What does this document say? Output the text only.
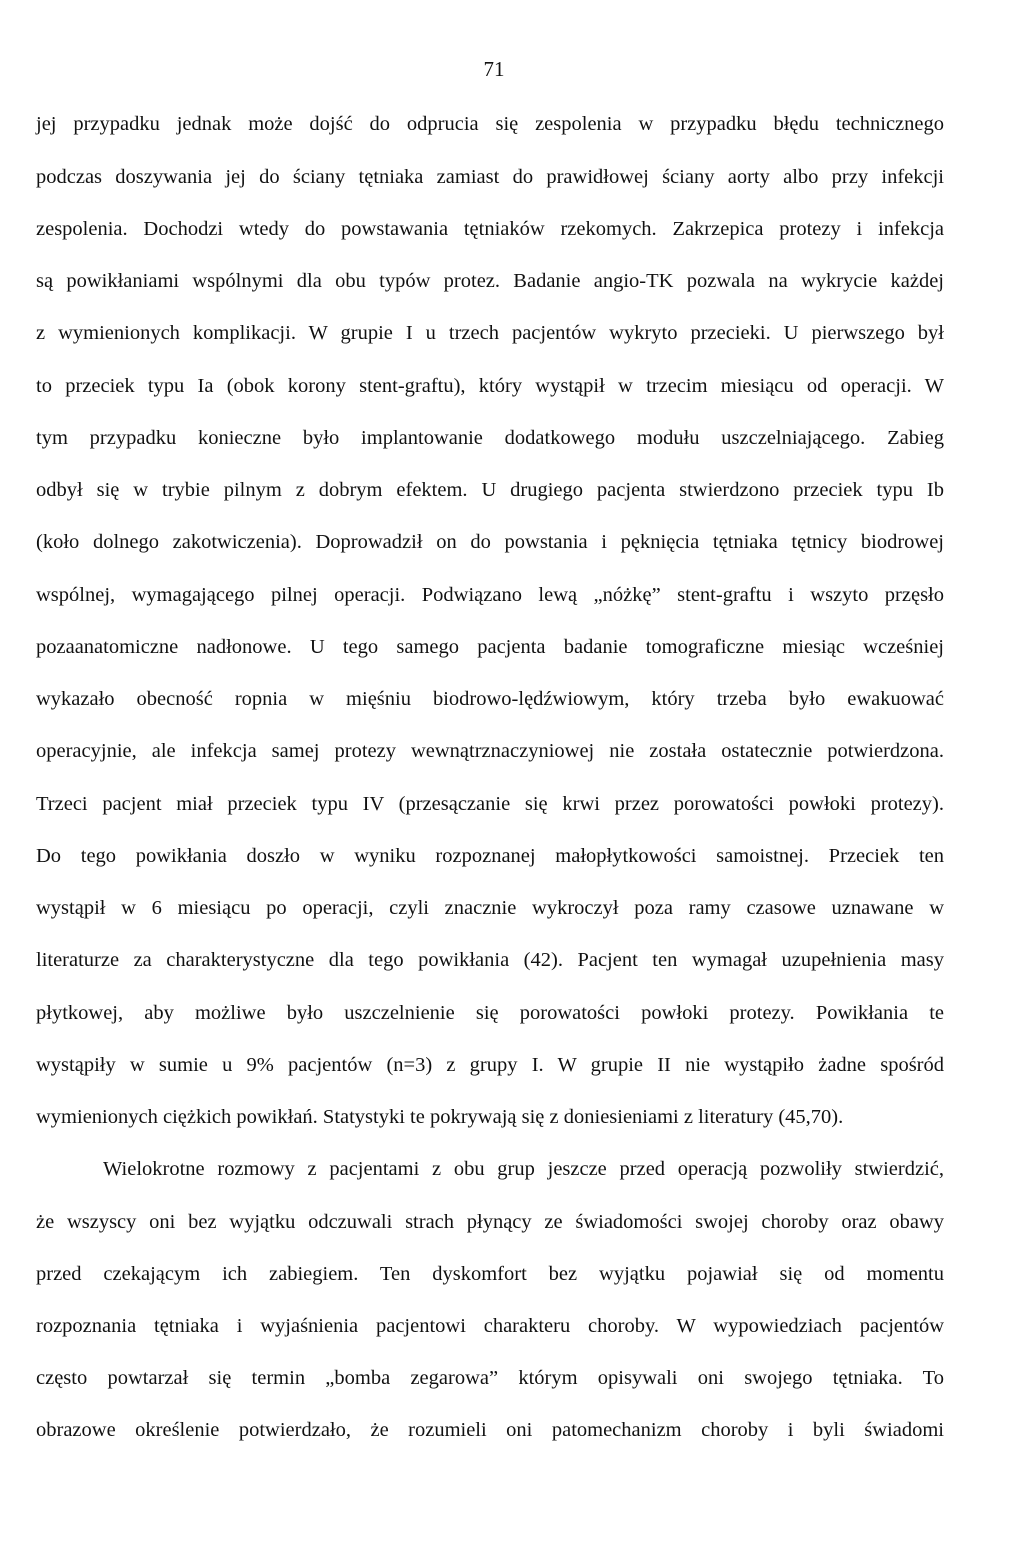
71
jej przypadku jednak może dojść do odprucia się zespolenia w przypadku błędu technicznego
podczas doszywania jej do ściany tętniaka zamiast do prawidłowej ściany aorty albo przy infekcji
zespolenia. Dochodzi wtedy do powstawania tętniaków rzekomych. Zakrzepica protezy i infekcja
są powikłaniami wspólnymi dla obu typów protez. Badanie angio-TK pozwala na wykrycie każdej
z wymienionych komplikacji. W grupie I u trzech pacjentów wykryto przecieki. U pierwszego był
to przeciek typu Ia (obok korony stent-graftu), który wystąpił w trzecim miesiącu od operacji. W
tym przypadku konieczne było implantowanie dodatkowego modułu uszczelniającego. Zabieg
odbył się w trybie pilnym z dobrym efektem. U drugiego pacjenta stwierdzono przeciek typu Ib
(koło dolnego zakotwiczenia). Doprowadził on do powstania i pęknięcia tętniaka tętnicy biodrowej
wspólnej, wymagającego pilnej operacji. Podwiązano lewą „nóżkę” stent-graftu i wszyto przęsło
pozaanatomiczne nadłonowe. U tego samego pacjenta badanie tomograficzne miesiąc wcześniej
wykazało obecność ropnia w mięśniu biodrowo-lędźwiowym, który trzeba było ewakuować
operacyjnie, ale infekcja samej protezy wewnątrznaczyniowej nie została ostatecznie potwierdzona.
Trzeci pacjent miał przeciek typu IV (przesączanie się krwi przez porowatości powłoki protezy).
Do tego powikłania doszło w wyniku rozpoznanej małopłytkowości samoistnej. Przeciek ten
wystąpił w 6 miesiącu po operacji, czyli znacznie wykroczył poza ramy czasowe uznawane w
literaturze za charakterystyczne dla tego powikłania (42). Pacjent ten wymagał uzupełnienia masy
płytkowej, aby możliwe było uszczelnienie się porowatości powłoki protezy. Powikłania te
wystąpiły w sumie u 9% pacjentów (n=3) z grupy I. W grupie II nie wystąpiło żadne spośród
wymienionych ciężkich powikłań. Statystyki te pokrywają się z doniesieniami z literatury (45,70).
Wielokrotne rozmowy z pacjentami z obu grup jeszcze przed operacją pozwoliły stwierdzić,
że wszyscy oni bez wyjątku odczuwali strach płynący ze świadomości swojej choroby oraz obawy
przed czekającym ich zabiegiem. Ten dyskomfort bez wyjątku pojawiał się od momentu
rozpoznania tętniaka i wyjaśnienia pacjentowi charakteru choroby. W wypowiedziach pacjentów
często powtarzał się termin „bomba zegarowa” którym opisywali oni swojego tętniaka. To
obrazowe określenie potwierdzało, że rozumieli oni patomechanizm choroby i byli świadomi
